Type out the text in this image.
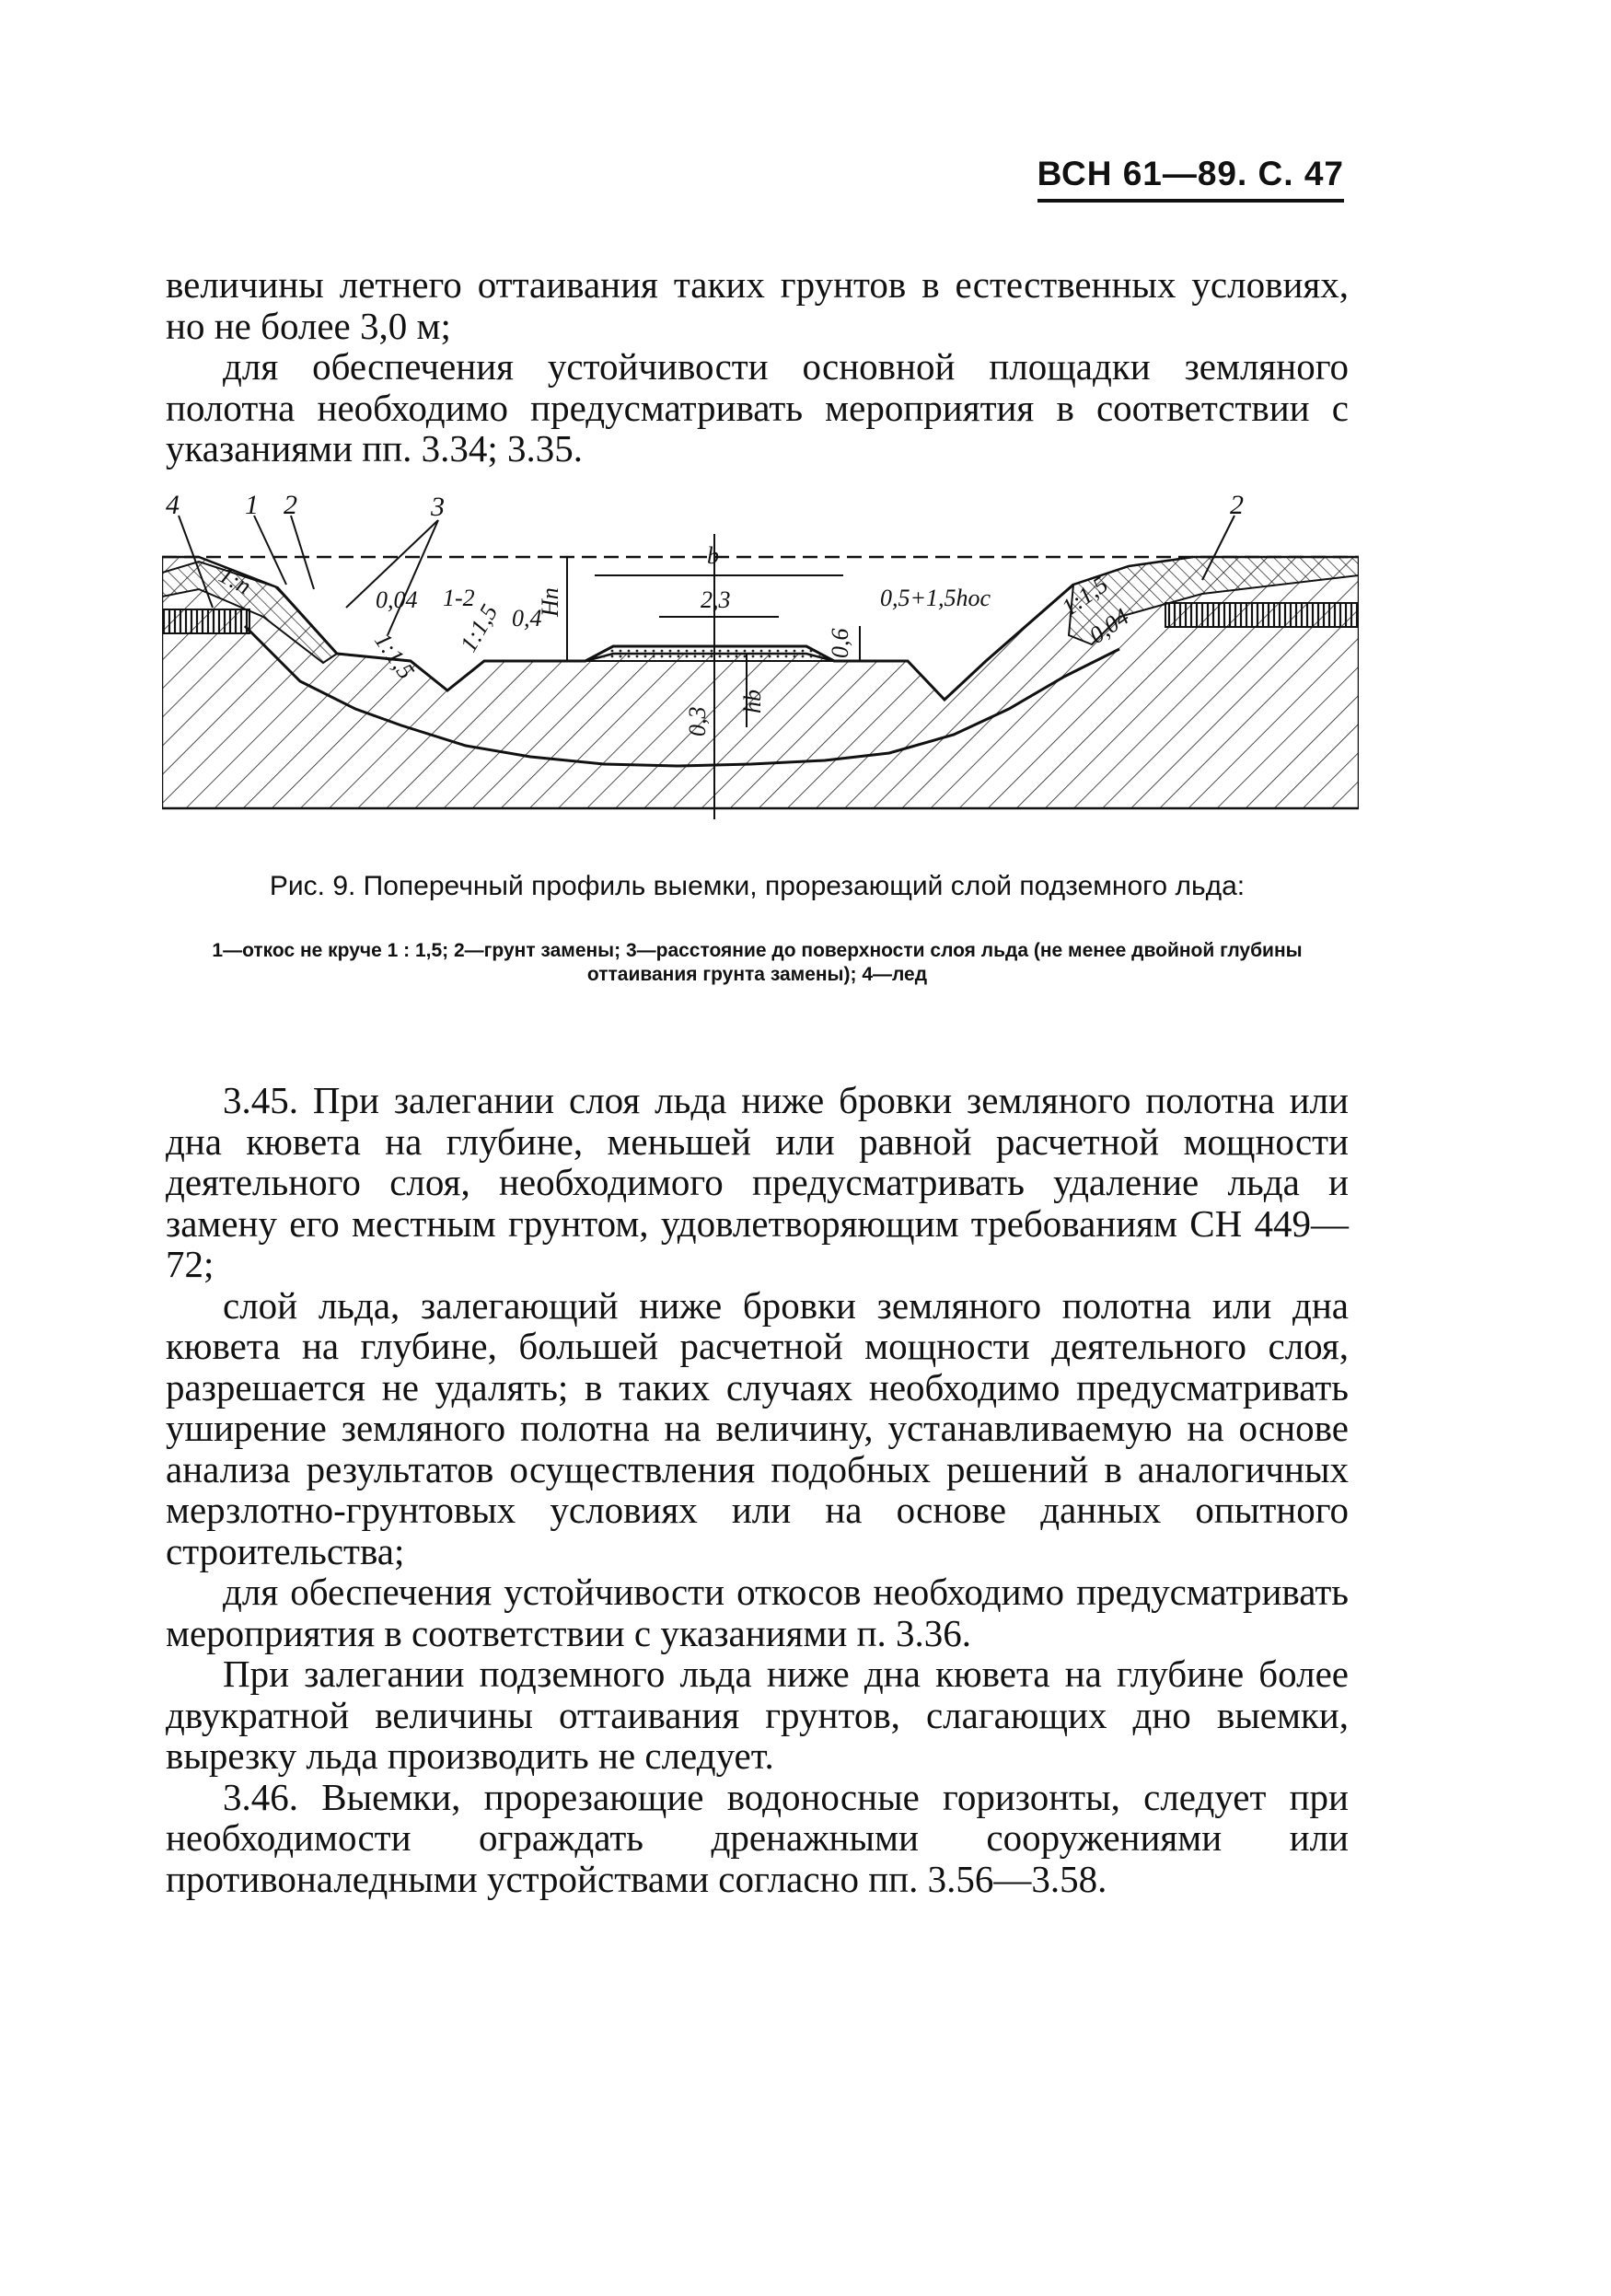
ВСН 61—89. С. 47

величины летнего оттаивания таких грунтов в естественных условиях, но не более 3,0 м;

для обеспечения устойчивости основной площадки земляного полотна необходимо предусматривать мероприятия в соответствии с указаниями пп. 3.34; 3.35.

4 1 2	3	2
1:n	0,04
1:1,5
1-2
1:1,5 0,4
Hп
b
2,3
0,3
hb
0,6
0,5+1,5hос	1:1,5
0,04
Рис. 9. Поперечный профиль выемки, прорезающий слой подземного льда:
1—откос не круче 1 : 1,5; 2—грунт замены; 3—расстояние до поверхности слоя льда (не менее двойной глубины оттаивания грунта замены); 4—лед

3.45. При залегании слоя льда ниже бровки земляного полотна или дна кювета на глубине, меньшей или равной расчетной мощности деятельного слоя, необходимого предусматривать удаление льда и замену его местным грунтом, удовлетворяющим требованиям СН 449—72;

слой льда, залегающий ниже бровки земляного полотна или дна кювета на глубине, большей расчетной мощности деятельного слоя, разрешается не удалять; в таких случаях необходимо предусматривать уширение земляного полотна на величину, устанавливаемую на основе анализа результатов осуществления подобных решений в аналогичных мерзлотно-грунтовых условиях или на основе данных опытного строительства;

для обеспечения устойчивости откосов необходимо предусматривать мероприятия в соответствии с указаниями п. 3.36.

При залегании подземного льда ниже дна кювета на глубине более двукратной величины оттаивания грунтов, слагающих дно выемки, вырезку льда производить не следует.

3.46. Выемки, прорезающие водоносные горизонты, следует при необходимости ограждать дренажными сооружениями или противоналедными устройствами согласно пп. 3.56—3.58.
